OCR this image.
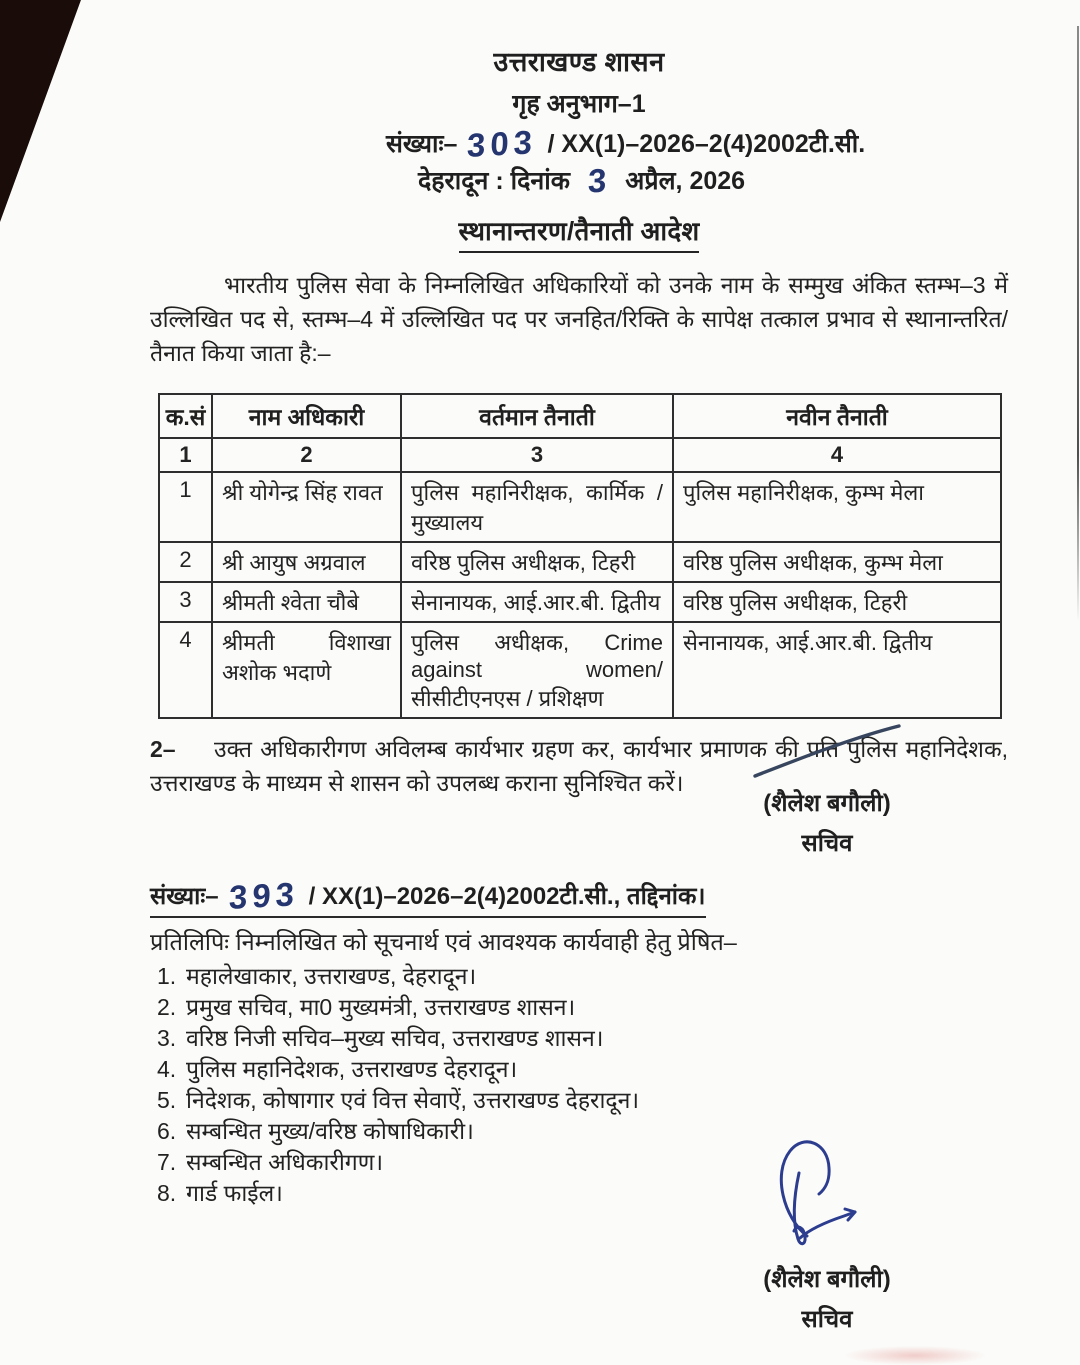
उत्तराखण्ड शासन
गृह अनुभाग–1
संख्याः– 303 / XX(1)–2026–2(4)2002टी.सी.
देहरादून : दिनांक 3 अप्रैल, 2026
स्थानान्तरण/तैनाती आदेश

भारतीय पुलिस सेवा के निम्नलिखित अधिकारियों को उनके नाम के सम्मुख अंकित स्तम्भ–3 में उल्लिखित पद से, स्तम्भ–4 में उल्लिखित पद पर जनहित/रिक्ति के सापेक्ष तत्काल प्रभाव से स्थानान्तरित/तैनात किया जाता है:–

क.सं	नाम अधिकारी	वर्तमान तैनाती	नवीन तैनाती
1	2	3	4
1	श्री योगेन्द्र सिंह रावत	पुलिस महानिरीक्षक, कार्मिक /मुख्यालय	पुलिस महानिरीक्षक, कुम्भ मेला
2	श्री आयुष अग्रवाल	वरिष्ठ पुलिस अधीक्षक, टिहरी	वरिष्ठ पुलिस अधीक्षक, कुम्भ मेला
3	श्रीमती श्वेता चौबे	सेनानायक, आई.आर.बी. द्वितीय	वरिष्ठ पुलिस अधीक्षक, टिहरी
4	श्रीमती विशाखा अशोक भदाणे	पुलिस अधीक्षक, Crime against women/सीसीटीएनएस / प्रशिक्षण	सेनानायक, आई.आर.बी. द्वितीय

2– उक्त अधिकारीगण अविलम्ब कार्यभार ग्रहण कर, कार्यभार प्रमाणक की प्रति पुलिस महानिदेशक, उत्तराखण्ड के माध्यम से शासन को उपलब्ध कराना सुनिश्चित करें।

(शैलेश बगौली)
सचिव
संख्याः– 393 / XX(1)–2026–2(4)2002टी.सी., तद्दिनांक।
प्रतिलिपिः निम्नलिखित को सूचनार्थ एवं आवश्यक कार्यवाही हेतु प्रेषित–
1. महालेखाकार, उत्तराखण्ड, देहरादून।
2. प्रमुख सचिव, मा0 मुख्यमंत्री, उत्तराखण्ड शासन।
3. वरिष्ठ निजी सचिव–मुख्य सचिव, उत्तराखण्ड शासन।
4. पुलिस महानिदेशक, उत्तराखण्ड देहरादून।
5. निदेशक, कोषागार एवं वित्त सेवाऐं, उत्तराखण्ड देहरादून।
6. सम्बन्धित मुख्य/वरिष्ठ कोषाधिकारी।
7. सम्बन्धित अधिकारीगण।
8. गार्ड फाईल।
(शैलेश बगौली)
सचिव
